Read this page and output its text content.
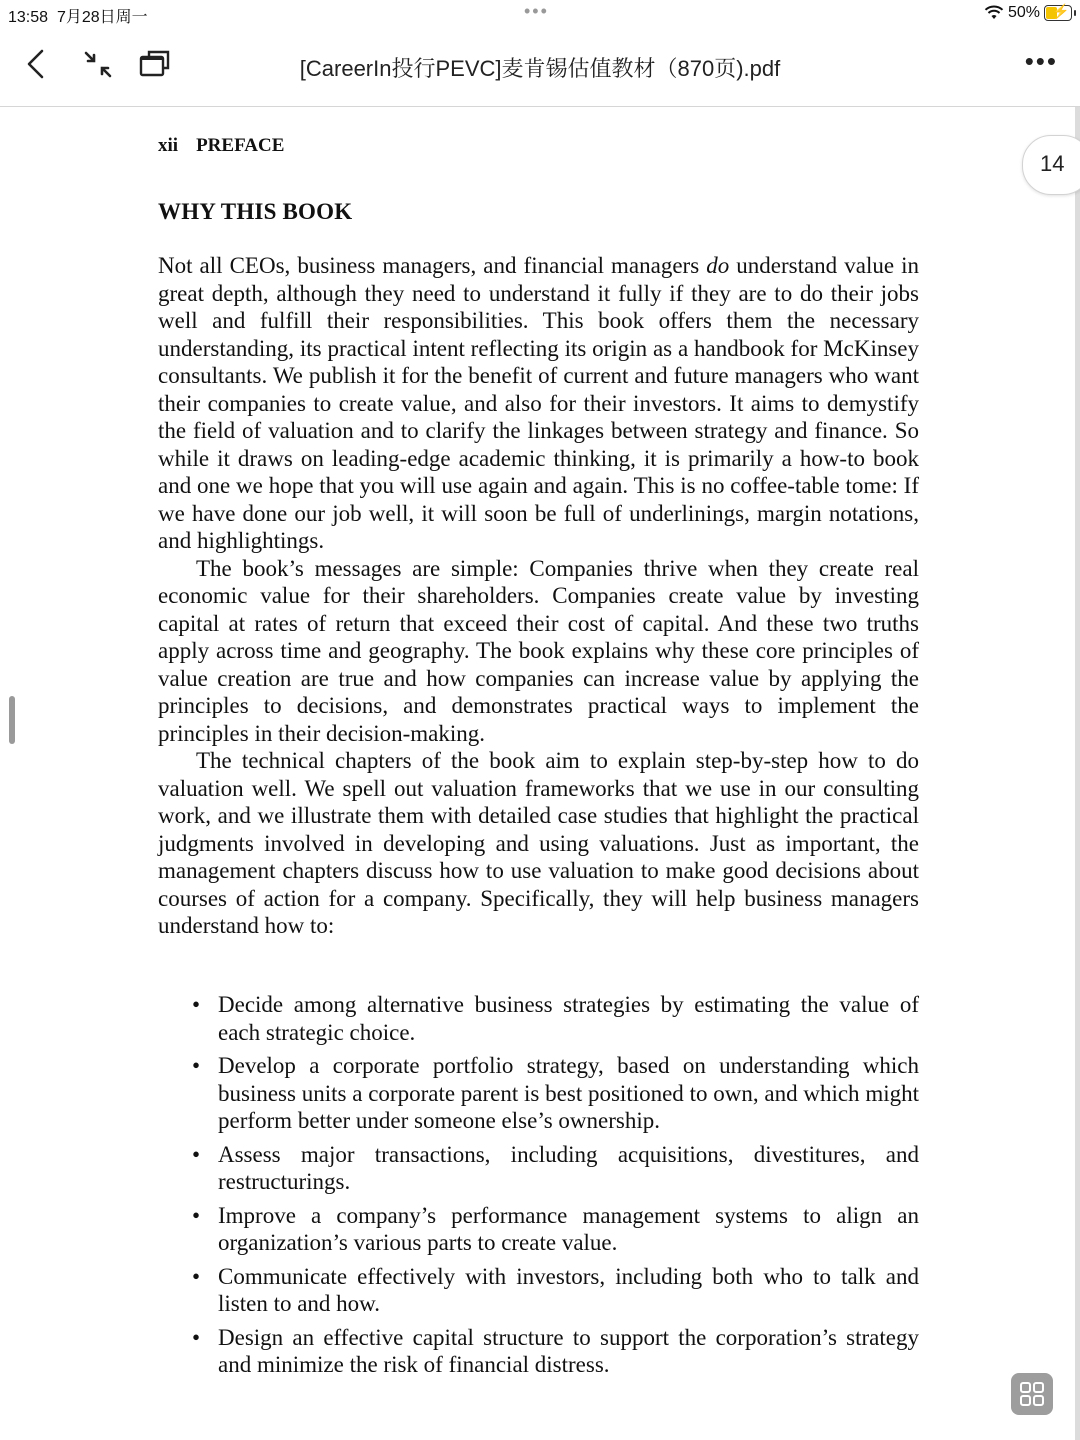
13:58 7月28日周一	•••	50% ⚡
[CareerIn投行PEVC]麦肯锡估值教材（870页).pdf	•••
xii PREFACE
WHY THIS BOOK

Not all CEOs, business managers, and financial managers do understand value in great depth, although they need to understand it fully if they are to do their jobs well and fulfill their responsibilities. This book offers them the necessary understanding, its practical intent reflecting its origin as a handbook for McKinsey consultants. We publish it for the benefit of current and future managers who want their companies to create value, and also for their investors. It aims to demystify the field of valuation and to clarify the linkages between strategy and finance. So while it draws on leading-edge academic thinking, it is primarily a how-to book and one we hope that you will use again and again. This is no coffee-table tome: If we have done our job well, it will soon be full of underlinings, margin notations, and highlightings.

The book’s messages are simple: Companies thrive when they create real economic value for their shareholders. Companies create value by investing capital at rates of return that exceed their cost of capital. And these two truths apply across time and geography. The book explains why these core principles of value creation are true and how companies can increase value by applying the principles to decisions, and demonstrates practical ways to implement the principles in their decision-making.

The technical chapters of the book aim to explain step-by-step how to do valuation well. We spell out valuation frameworks that we use in our consulting work, and we illustrate them with detailed case studies that highlight the practical judgments involved in developing and using valuations. Just as important, the management chapters discuss how to use valuation to make good decisions about courses of action for a company. Specifically, they will help business managers understand how to:

• Decide among alternative business strategies by estimating the value of each strategic choice.
• Develop a corporate portfolio strategy, based on understanding which business units a corporate parent is best positioned to own, and which might perform better under someone else’s ownership.
• Assess major transactions, including acquisitions, divestitures, and restructurings.
• Improve a company’s performance management systems to align an organization’s various parts to create value.
• Communicate effectively with investors, including both who to talk and listen to and how.
• Design an effective capital structure to support the corporation’s strategy and minimize the risk of financial distress.
14
